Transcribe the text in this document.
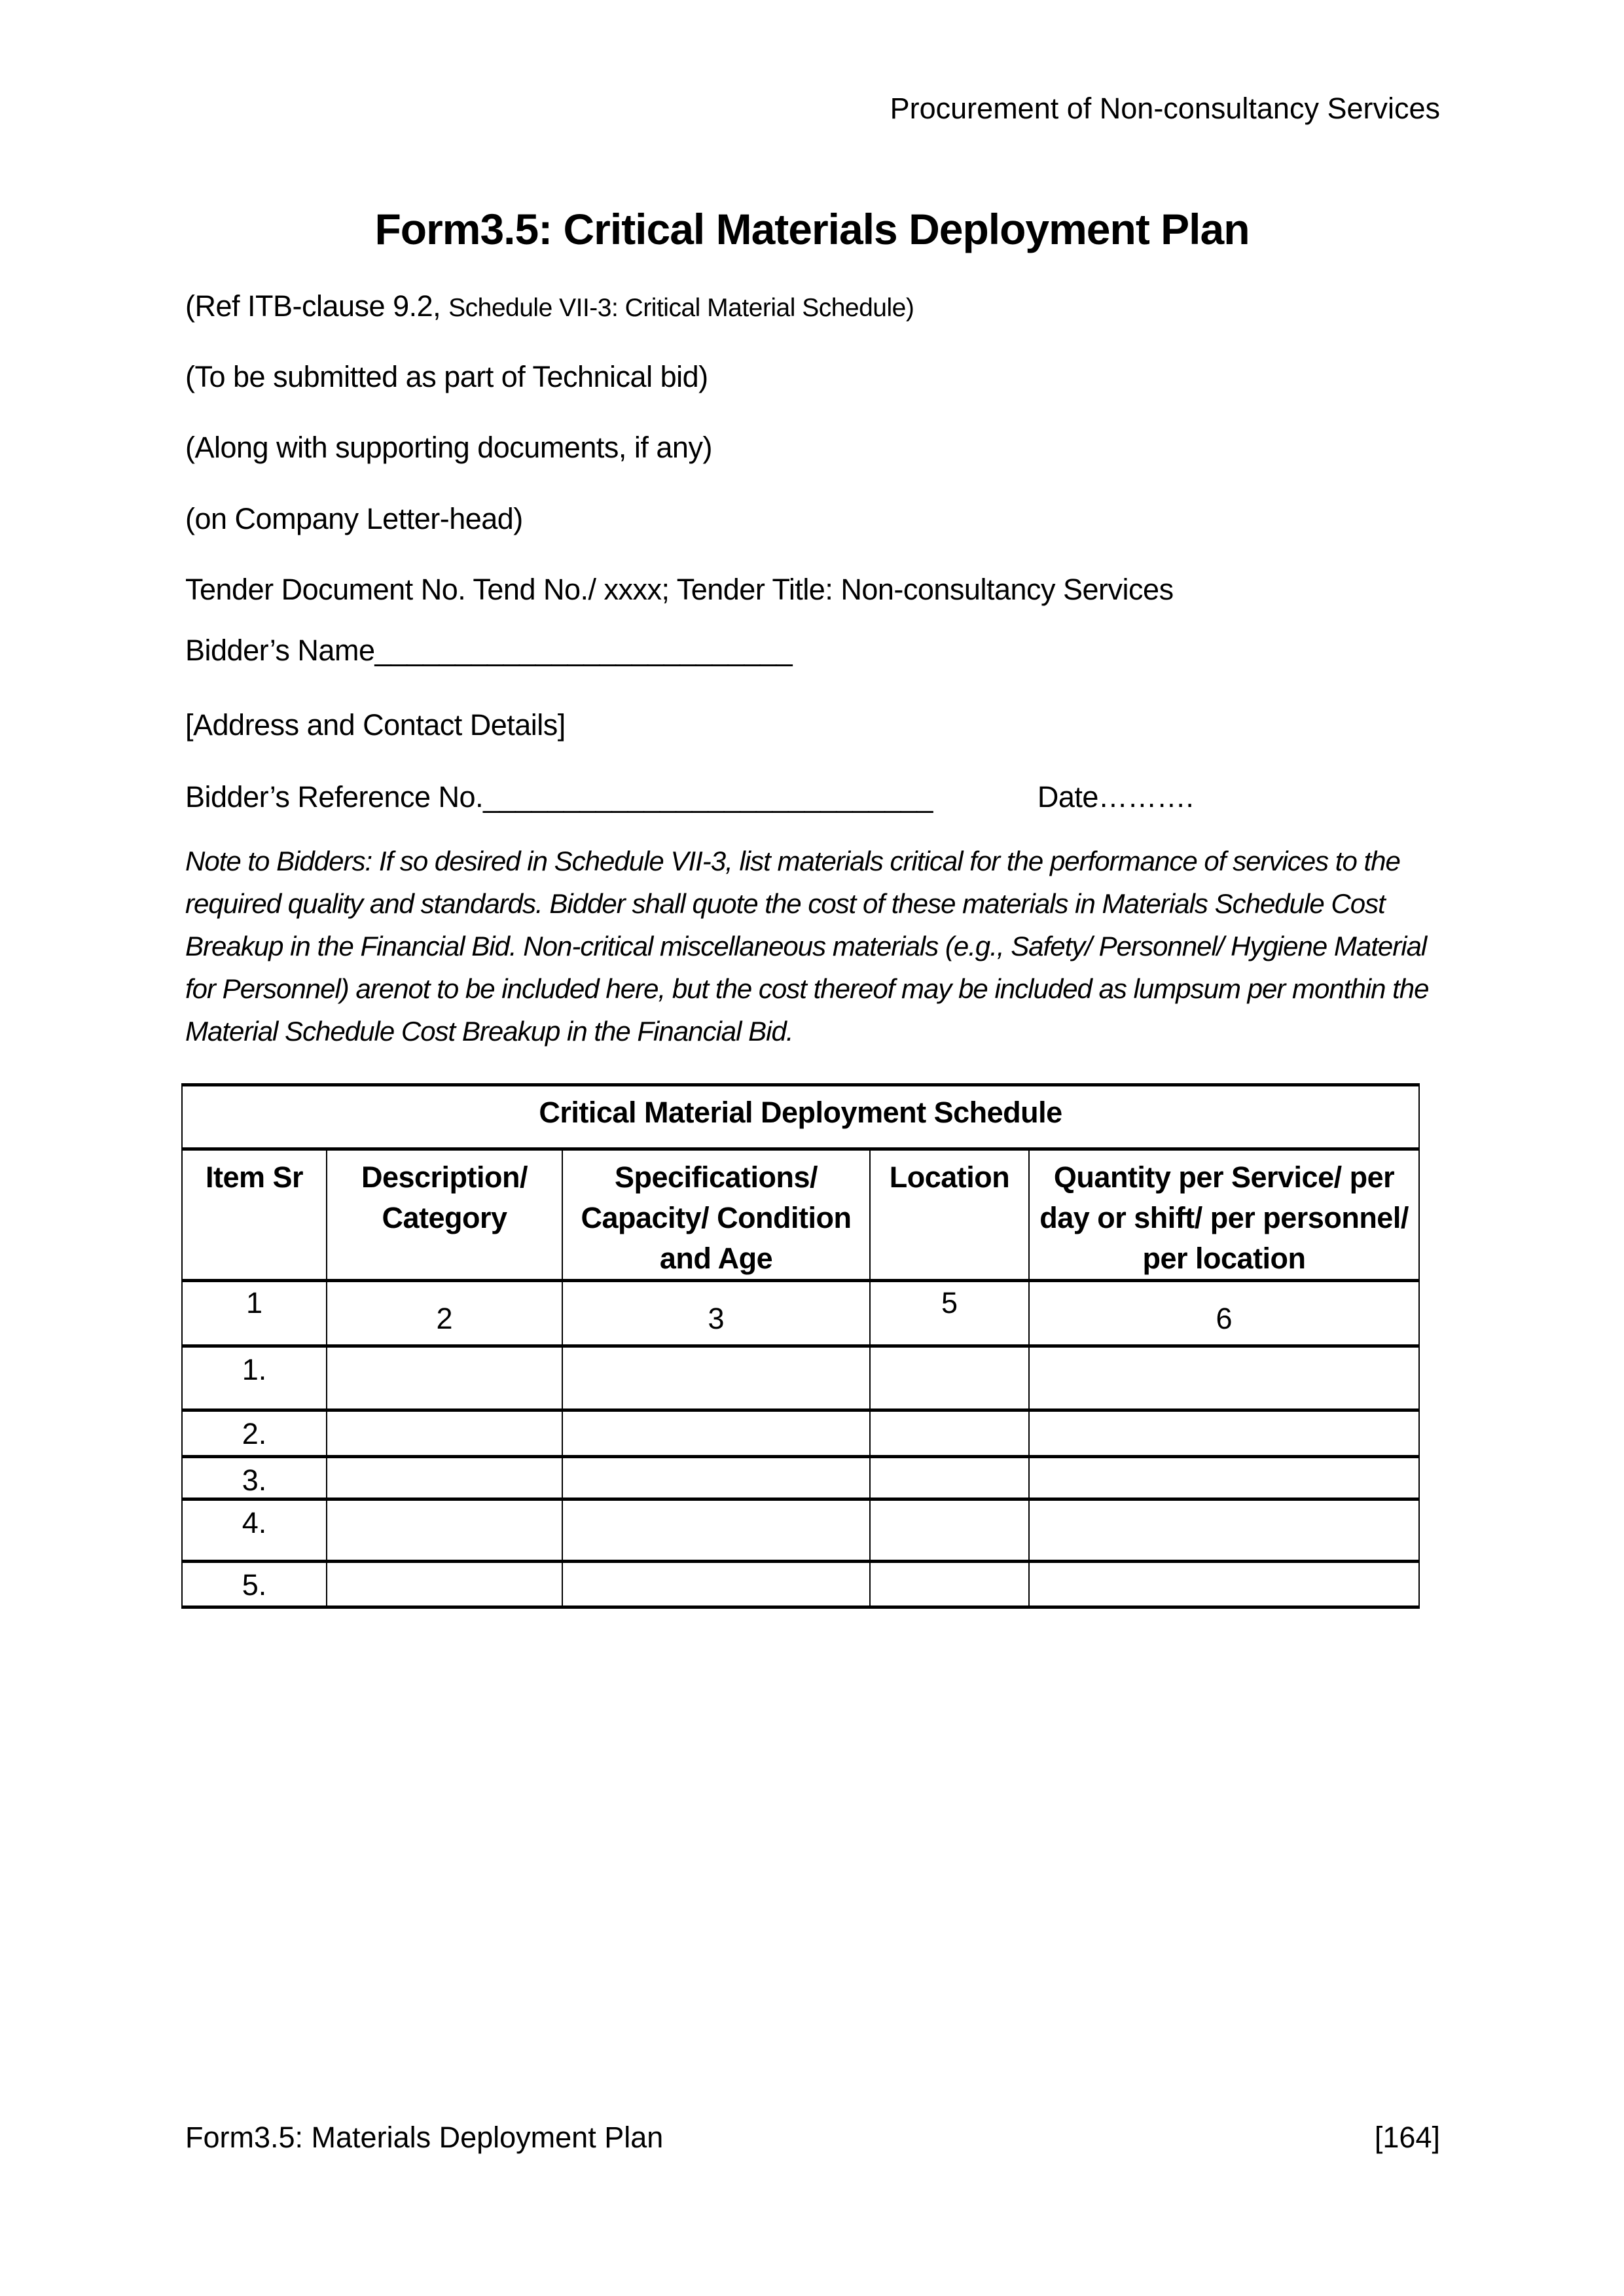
Procurement of Non-consultancy Services
Form3.5: Critical Materials Deployment Plan
(Ref ITB-clause 9.2, Schedule VII-3: Critical Material Schedule)
(To be submitted as part of Technical bid)
(Along with supporting documents, if any)
(on Company Letter-head)
Tender Document No. Tend No./ xxxx; Tender Title: Non-consultancy Services
Bidder’s Name__________________________
[Address and Contact Details]
Bidder’s Reference No.____________________________	Date……….
Note to Bidders: If so desired in Schedule VII-3, list materials critical for the performance of services to the required quality and standards. Bidder shall quote the cost of these materials in Materials Schedule Cost Breakup in the Financial Bid. Non-critical miscellaneous materials (e.g., Safety/ Personnel/ Hygiene Material for Personnel) arenot to be included here, but the cost thereof may be included as lumpsum per monthin the Material Schedule Cost Breakup in the Financial Bid.
Critical Material Deployment Schedule				
Item Sr	Description/ Category	Specifications/ Capacity/ Condition and Age	Location	Quantity per Service/ per day or shift/ per personnel/ per location
1	2	3	5	6
1.				
2.				
3.				
4.				
5.				
Form3.5: Materials Deployment Plan	[164]
